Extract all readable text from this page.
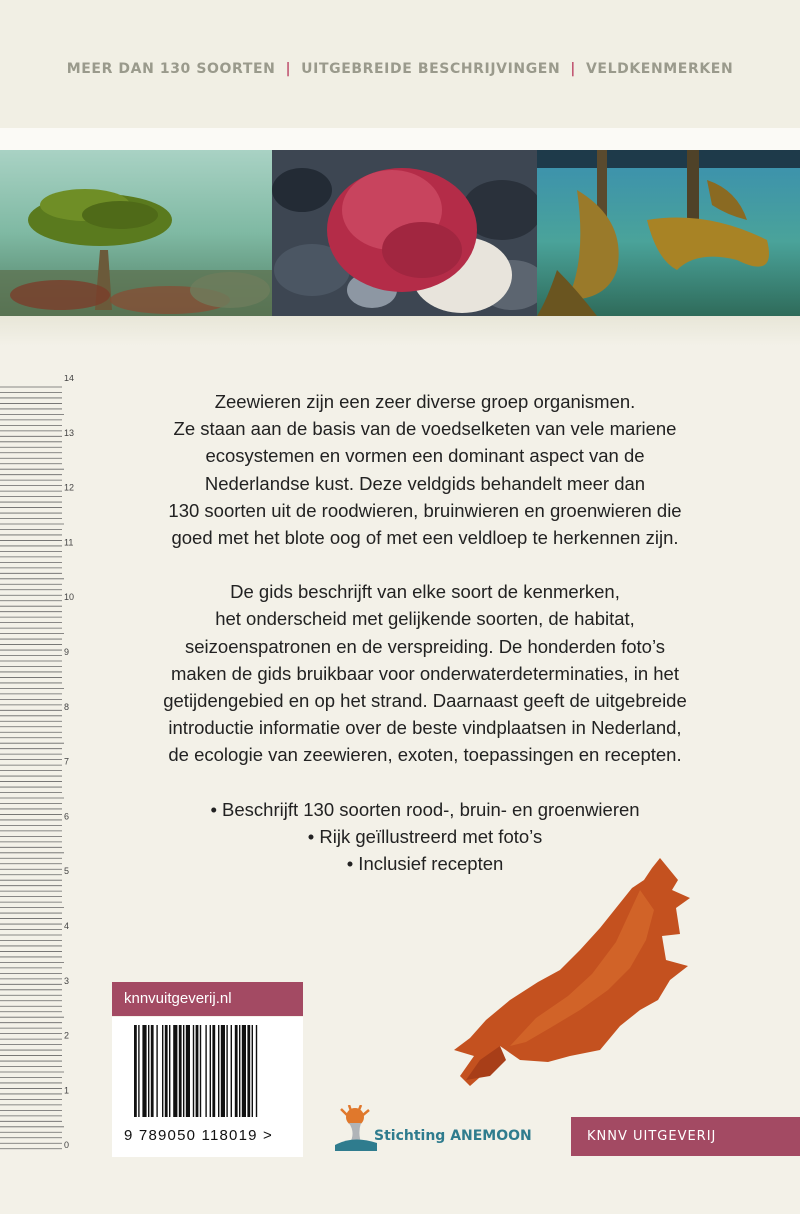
MEER DAN 130 SOORTEN | UITGEBREIDE BESCHRIJVINGEN | VELDKENMERKEN
14
13
12
11
10
9
8
7
6
5
4
3
2
1
0
Zeewieren zijn een zeer diverse groep organismen.
Ze staan aan de basis van de voedselketen van vele mariene
ecosystemen en vormen een dominant aspect van de
Nederlandse kust. Deze veldgids behandelt meer dan
130 soorten uit de roodwieren, bruinwieren en groenwieren die
goed met het blote oog of met een veldloep te herkennen zijn.
De gids beschrijft van elke soort de kenmerken,
het onderscheid met gelijkende soorten, de habitat,
seizoenspatronen en de verspreiding. De honderden foto’s
maken de gids bruikbaar voor onderwaterdeterminaties, in het
getijdengebied en op het strand. Daarnaast geeft de uitgebreide
introductie informatie over de beste vindplaatsen in Nederland,
de ecologie van zeewieren, exoten, toepassingen en recepten.
• Beschrijft 130 soorten rood-, bruin- en groenwieren
• Rijk geïllustreerd met foto’s
• Inclusief recepten
knnvuitgeverij.nl
9 789050 118019 >	Stichting ANEMOON	KNNV UITGEVERIJ
